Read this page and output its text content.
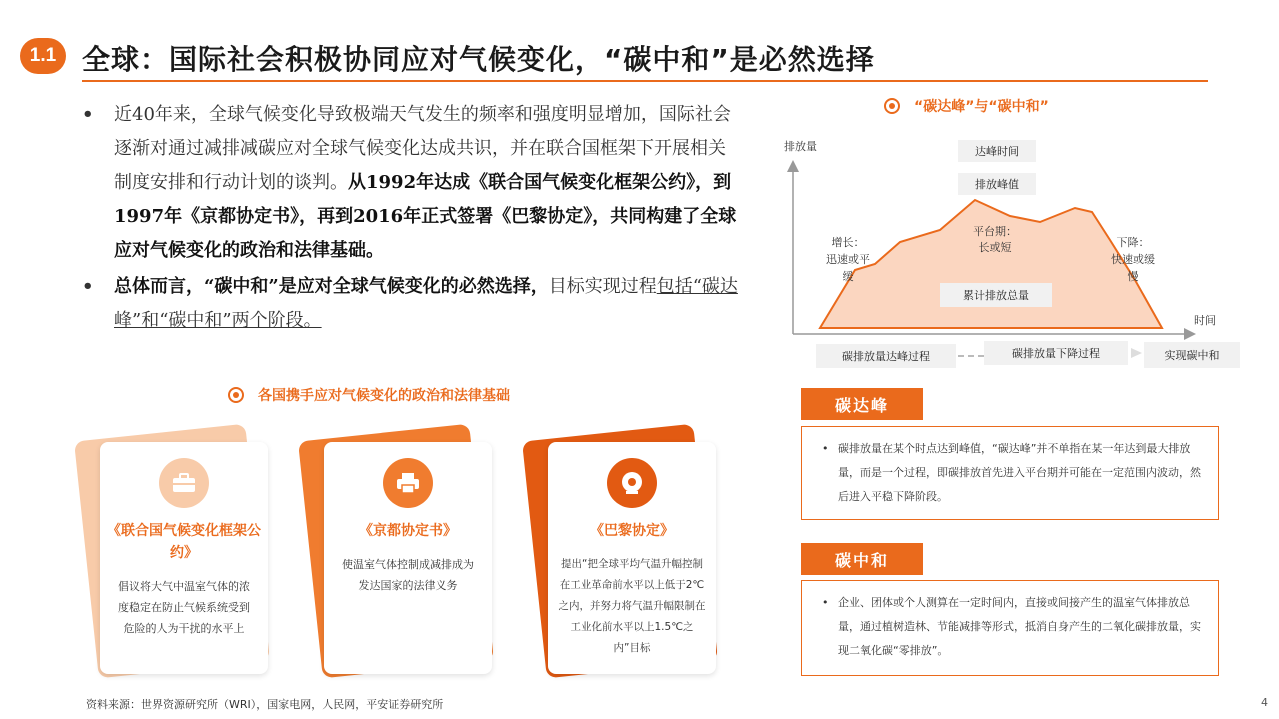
1.1 全球：国际社会积极协同应对气候变化，“碳中和”是必然选择
• 近40年来，全球气候变化导致极端天气发生的频率和强度明显增加，国际社会逐渐对通过减排减碳应对全球气候变化达成共识，并在联合国框架下开展相关制度安排和行动计划的谈判。从1992年达成《联合国气候变化框架公约》，到1997年《京都协定书》，再到2016年正式签署《巴黎协定》，共同构建了全球应对气候变化的政治和法律基础。
• 总体而言，“碳中和”是应对全球气候变化的必然选择，目标实现过程包括“碳达峰”和“碳中和”两个阶段。
各国携手应对气候变化的政治和法律基础
《联合国气候变化框架公约》
倡议将大气中温室气体的浓度稳定在防止气候系统受到危险的人为干扰的水平上
《京都协定书》
使温室气体控制成减排成为发达国家的法律义务
《巴黎协定》
提出“把全球平均气温升幅控制在工业革命前水平以上低于2℃之内，并努力将气温升幅限制在工业化前水平以上1.5℃之内”目标
“碳达峰”与“碳中和”
排放量
时间
达峰时间
排放峰值
增长：
迅速或平
缓
平台期：
长或短	下降：
快速或缓
慢
累计排放总量
碳排放量达峰过程	碳排放量下降过程	实现碳中和
碳达峰
• 碳排放量在某个时点达到峰值，“碳达峰”并不单指在某一年达到最大排放量，而是一个过程，即碳排放首先进入平台期并可能在一定范围内波动，然后进入平稳下降阶段。
碳中和
• 企业、团体或个人测算在一定时间内，直接或间接产生的温室气体排放总量，通过植树造林、节能减排等形式，抵消自身产生的二氧化碳排放量，实现二氧化碳“零排放”。
资料来源：世界资源研究所（WRI），国家电网，人民网，平安证券研究所	4
